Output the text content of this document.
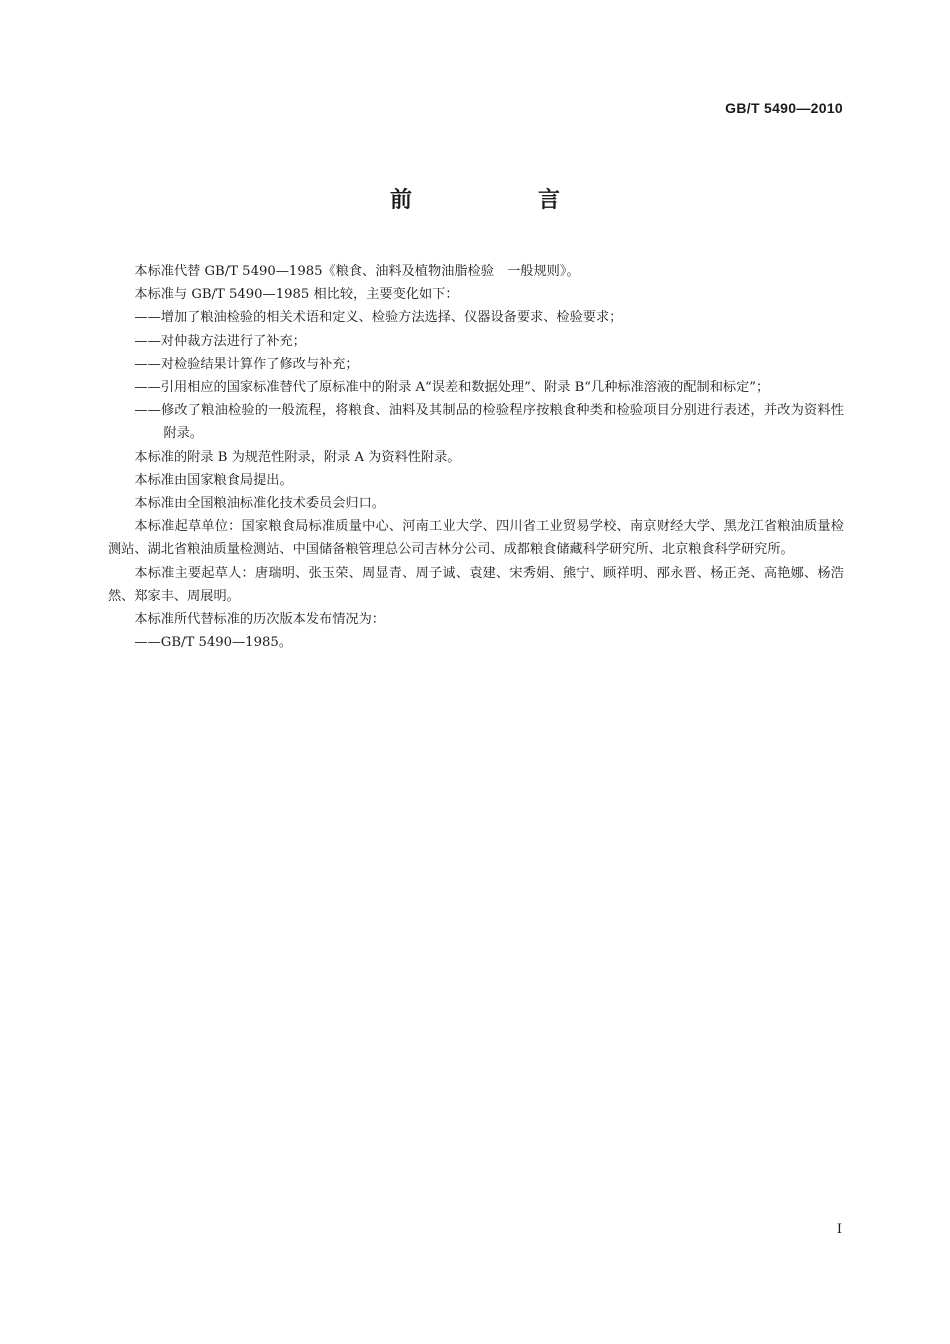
GB/T 5490—2010
前　言

本标准代替 GB/T 5490—1985《粮食、油料及植物油脂检验　一般规则》。

本标准与 GB/T 5490—1985 相比较，主要变化如下：

——增加了粮油检验的相关术语和定义、检验方法选择、仪器设备要求、检验要求；

——对仲裁方法进行了补充；

——对检验结果计算作了修改与补充；

——引用相应的国家标准替代了原标准中的附录 A“误差和数据处理”、附录 B“几种标准溶液的配制和标定”；

——修改了粮油检验的一般流程，将粮食、油料及其制品的检验程序按粮食种类和检验项目分别进行表述，并改为资料性附录。

本标准的附录 B 为规范性附录，附录 A 为资料性附录。

本标准由国家粮食局提出。

本标准由全国粮油标准化技术委员会归口。

本标准起草单位：国家粮食局标准质量中心、河南工业大学、四川省工业贸易学校、南京财经大学、黑龙江省粮油质量检测站、湖北省粮油质量检测站、中国储备粮管理总公司吉林分公司、成都粮食储藏科学研究所、北京粮食科学研究所。

本标准主要起草人：唐瑞明、张玉荣、周显青、周子诚、袁建、宋秀娟、熊宁、顾祥明、邴永晋、杨正尧、高艳娜、杨浩然、郑家丰、周展明。

本标准所代替标准的历次版本发布情况为：

——GB/T 5490—1985。

I
